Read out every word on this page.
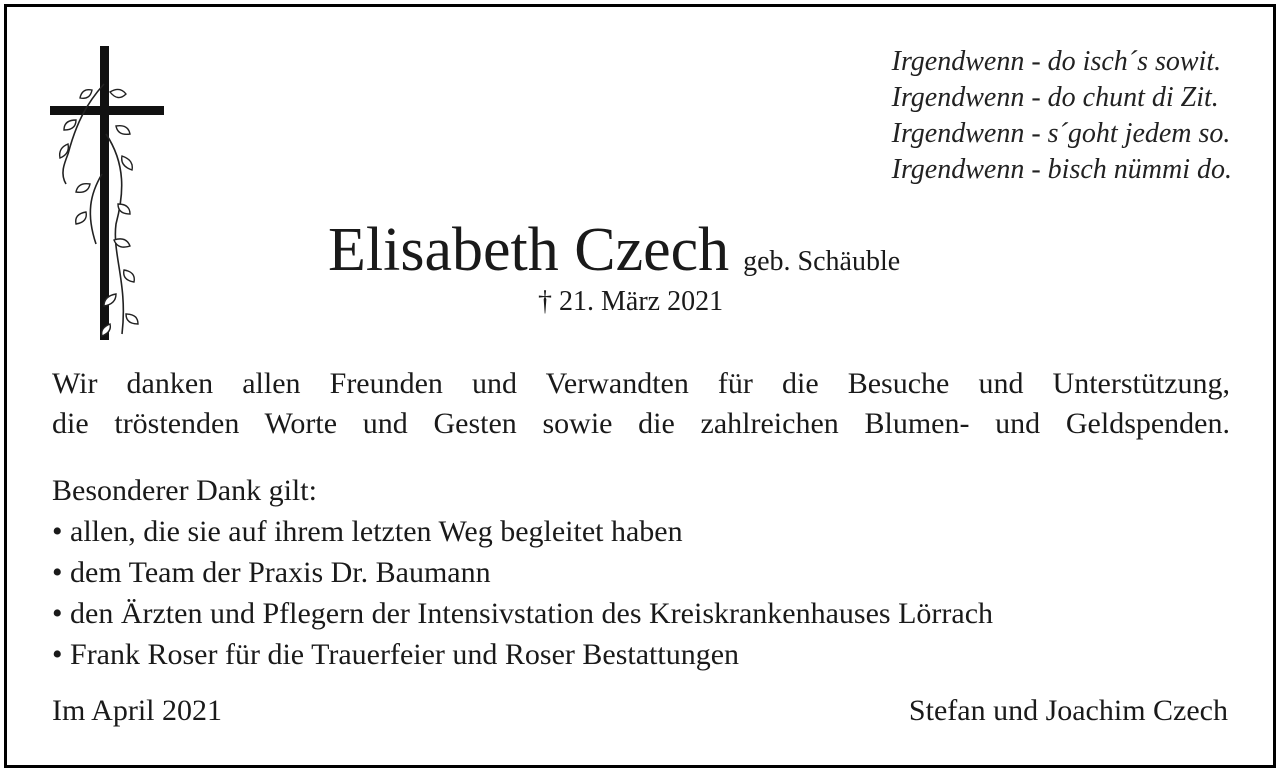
Irgendwenn - do isch´s sowit.
Irgendwenn - do chunt di Zit.
Irgendwenn - s´goht jedem so.
Irgendwenn - bisch nümmi do.
Elisabeth Czech geb. Schäuble
† 21. März 2021
Wir danken allen Freunden und Verwandten für die Besuche und Unterstützung,
die tröstenden Worte und Gesten sowie die zahlreichen Blumen- und Geldspenden.
Besonderer Dank gilt:
• allen, die sie auf ihrem letzten Weg begleitet haben
• dem Team der Praxis Dr. Baumann
• den Ärzten und Pflegern der Intensivstation des Kreiskrankenhauses Lörrach
• Frank Roser für die Trauerfeier und Roser Bestattungen
Im April 2021	Stefan und Joachim Czech
